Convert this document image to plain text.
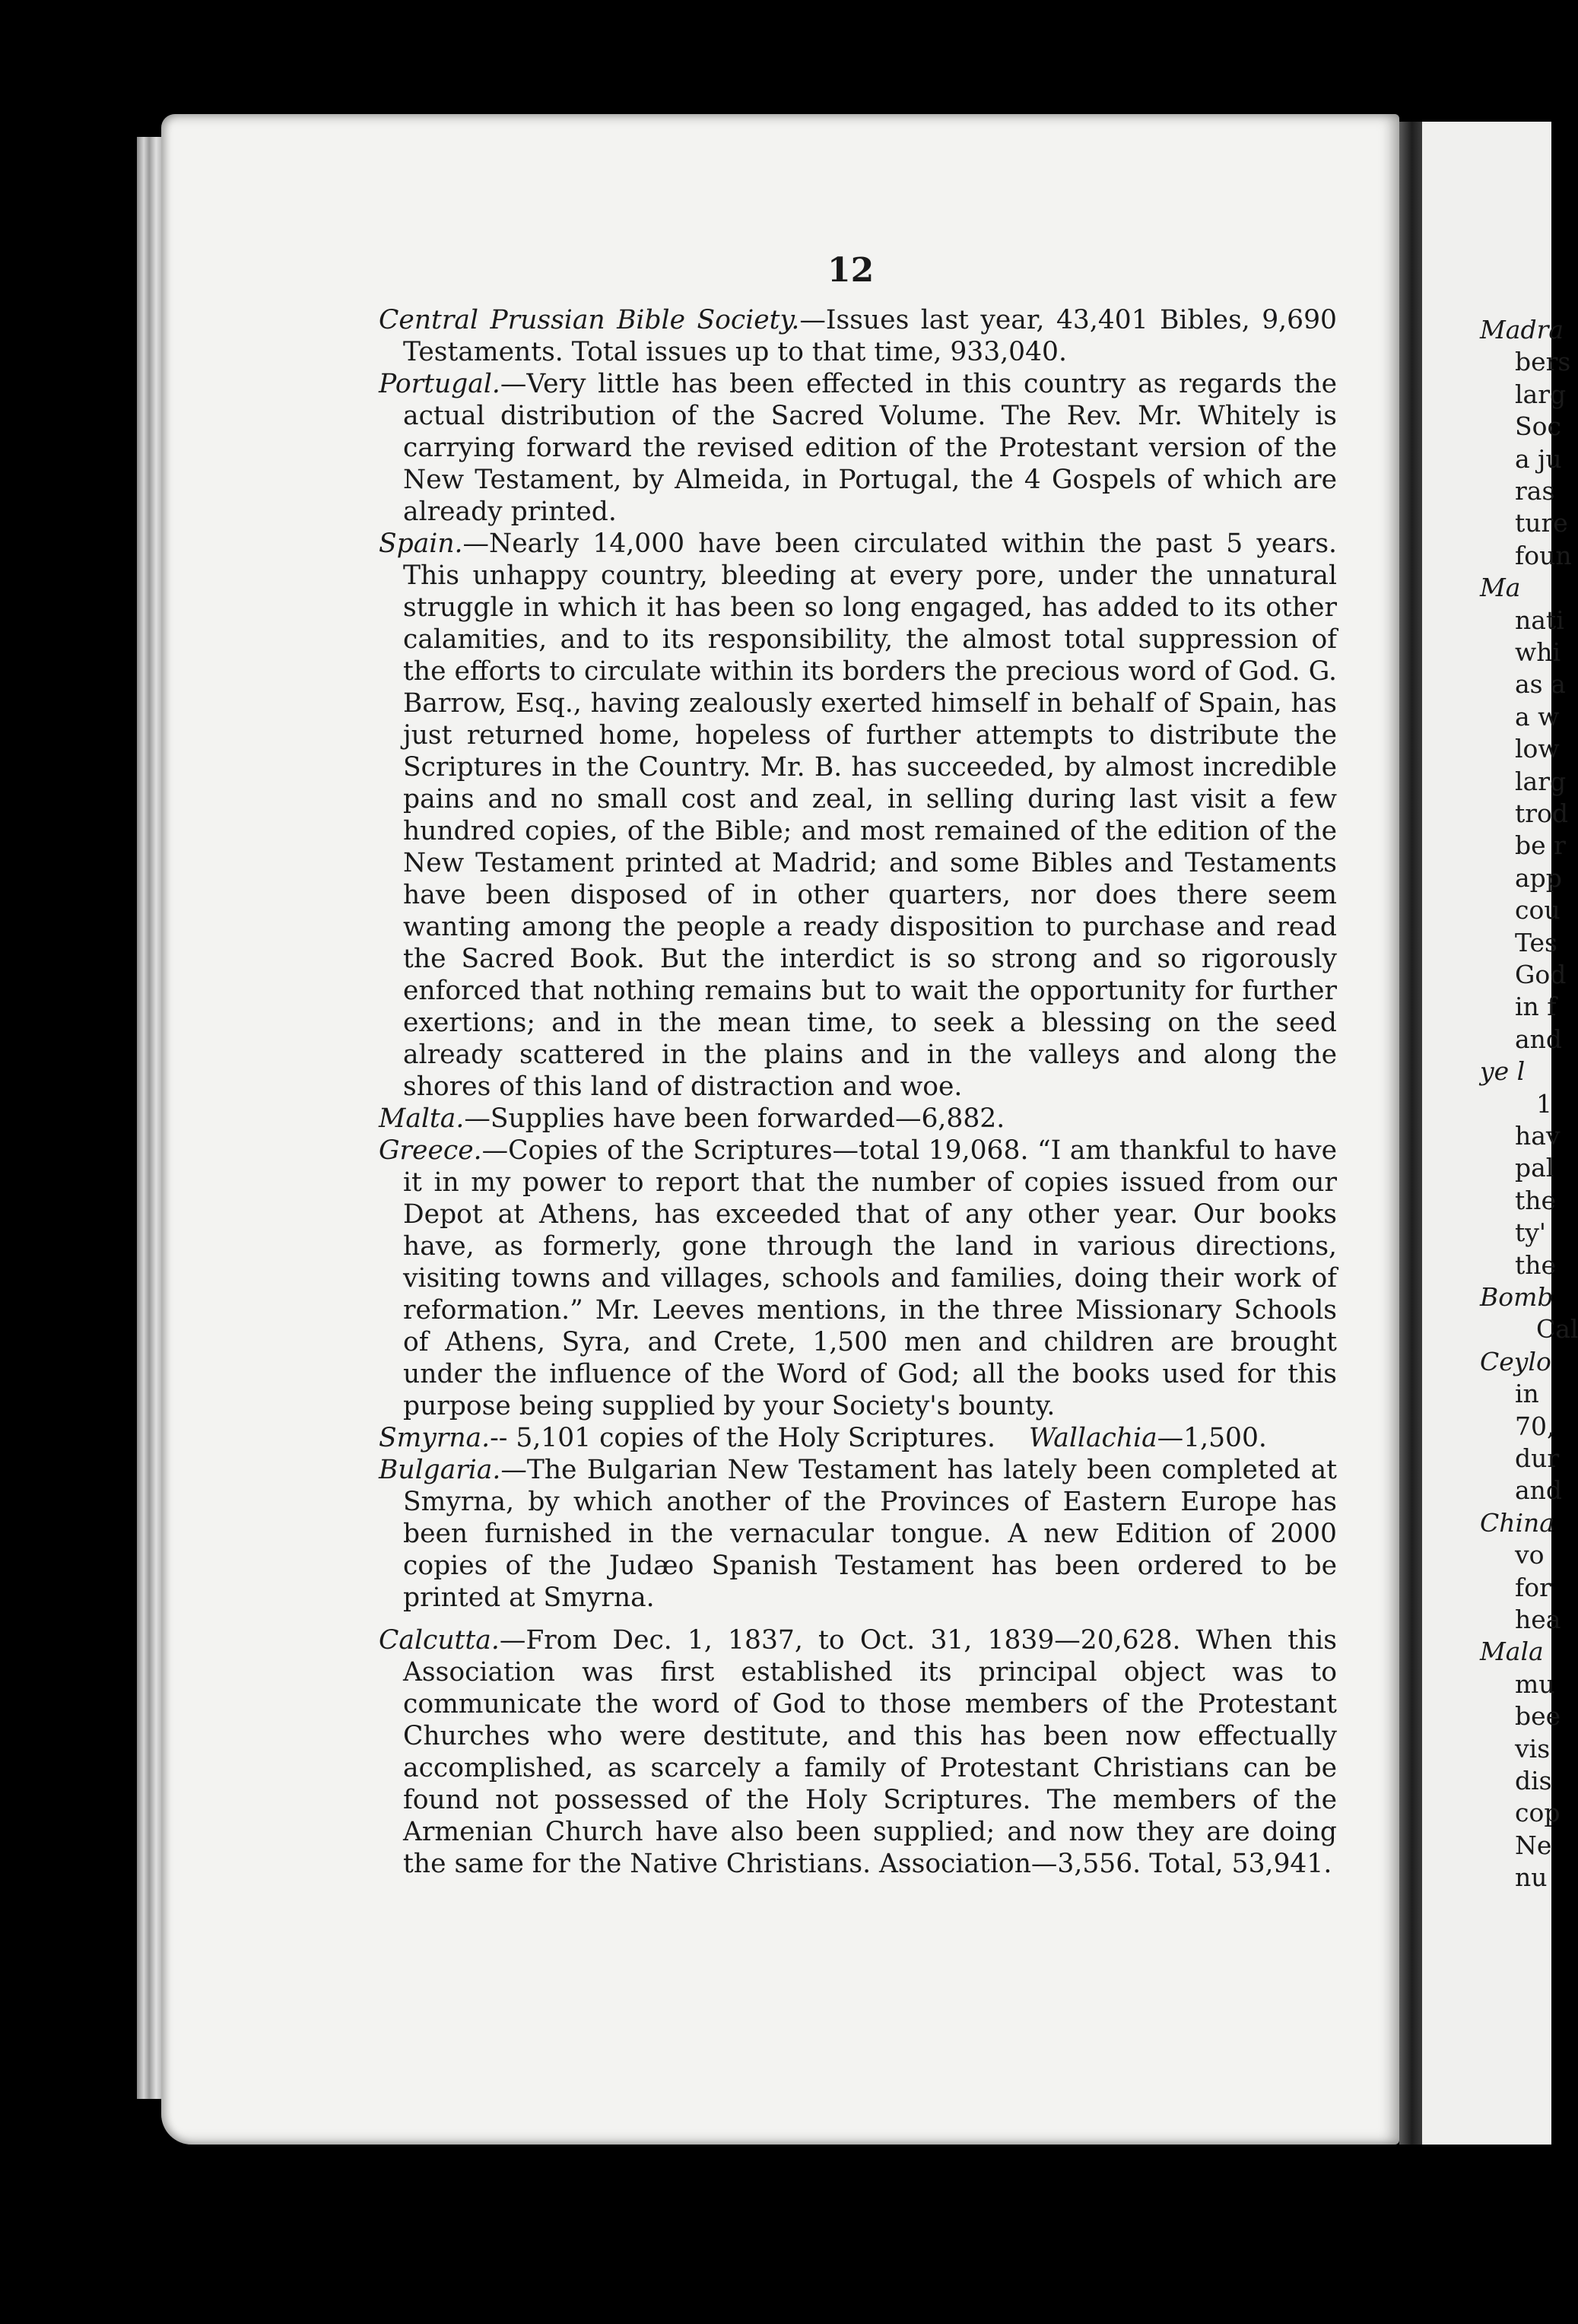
12

Central Prussian Bible Society.—Issues last year, 43,401 Bibles, 9,690 Testaments. Total issues up to that time, 933,040.

Portugal.—Very little has been effected in this country as regards the actual distribution of the Sacred Volume. The Rev. Mr. Whitely is carrying forward the revised edition of the Protestant version of the New Testament, by Almeida, in Portugal, the 4 Gospels of which are already printed.

Spain.—Nearly 14,000 have been circulated within the past 5 years. This unhappy country, bleeding at every pore, under the unnatural struggle in which it has been so long engaged, has added to its other calamities, and to its responsibility, the almost total suppression of the efforts to circulate within its borders the precious word of God. G. Barrow, Esq., having zealously exerted himself in behalf of Spain, has just returned home, hopeless of further attempts to distribute the Scriptures in the Country. Mr. B. has succeeded, by almost incredible pains and no small cost and zeal, in selling during last visit a few hundred copies, of the Bible; and most remained of the edition of the New Testament printed at Madrid; and some Bibles and Testaments have been disposed of in other quarters, nor does there seem wanting among the people a ready disposition to purchase and read the Sacred Book. But the interdict is so strong and so rigorously enforced that nothing remains but to wait the opportunity for further exertions; and in the mean time, to seek a blessing on the seed already scattered in the plains and in the valleys and along the shores of this land of distraction and woe.

Malta.—Supplies have been forwarded—6,882.

Greece.—Copies of the Scriptures—total 19,068. “I am thankful to have it in my power to report that the number of copies issued from our Depot at Athens, has exceeded that of any other year. Our books have, as formerly, gone through the land in various directions, visiting towns and villages, schools and families, doing their work of reformation.” Mr. Leeves mentions, in the three Missionary Schools of Athens, Syra, and Crete, 1,500 men and children are brought under the influence of the Word of God; all the books used for this purpose being supplied by your Society's bounty.

Smyrna.-- 5,101 copies of the Holy Scriptures. Wallachia—1,500.

Bulgaria.—The Bulgarian New Testament has lately been completed at Smyrna, by which another of the Provinces of Eastern Europe has been furnished in the vernacular tongue. A new Edition of 2000 copies of the Judæo Spanish Testament has been ordered to be printed at Smyrna.

Calcutta.—From Dec. 1, 1837, to Oct. 31, 1839—20,628. When this Association was first established its principal object was to communicate the word of God to those members of the Protestant Churches who were destitute, and this has been now effectually accomplished, as scarcely a family of Protestant Christians can be found not possessed of the Holy Scriptures. The members of the Armenian Church have also been supplied; and now they are doing the same for the Native Christians. Association—3,556. Total, 53,941.

Madra
bers
larg
Soc
a ju
ras
ture
foun
Ma
nati
whi
as a
a w
low
larg
trod
be r
app
cou
Tes
God
in f
and
ye l
1
hav
pal
the
ty'
the
Bomb
Cal
Ceylo
in
70,
dur
and
China
vo
for
hea
Mala
mu
bee
vis
dis
cop
Ne
nu
